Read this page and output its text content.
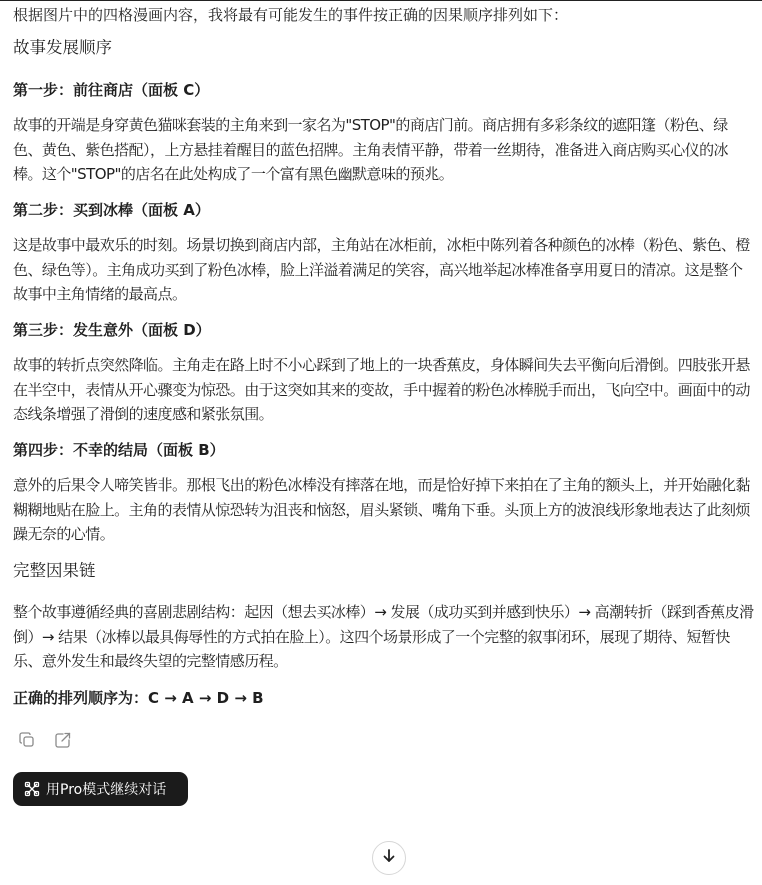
根据图片中的四格漫画内容，我将最有可能发生的事件按正确的因果顺序排列如下：
故事发展顺序
第一步：前往商店（面板 C）
故事的开端是身穿黄色猫咪套装的主角来到一家名为"STOP"的商店门前。商店拥有多彩条纹的遮阳篷（粉色、绿色、黄色、紫色搭配），上方悬挂着醒目的蓝色招牌。主角表情平静，带着一丝期待，准备进入商店购买心仪的冰棒。这个"STOP"的店名在此处构成了一个富有黑色幽默意味的预兆。
第二步：买到冰棒（面板 A）
这是故事中最欢乐的时刻。场景切换到商店内部，主角站在冰柜前，冰柜中陈列着各种颜色的冰棒（粉色、紫色、橙色、绿色等）。主角成功买到了粉色冰棒，脸上洋溢着满足的笑容，高兴地举起冰棒准备享用夏日的清凉。这是整个故事中主角情绪的最高点。
第三步：发生意外（面板 D）
故事的转折点突然降临。主角走在路上时不小心踩到了地上的一块香蕉皮，身体瞬间失去平衡向后滑倒。四肢张开悬在半空中，表情从开心骤变为惊恐。由于这突如其来的变故，手中握着的粉色冰棒脱手而出，飞向空中。画面中的动态线条增强了滑倒的速度感和紧张氛围。
第四步：不幸的结局（面板 B）
意外的后果令人啼笑皆非。那根飞出的粉色冰棒没有摔落在地，而是恰好掉下来拍在了主角的额头上，并开始融化黏糊糊地贴在脸上。主角的表情从惊恐转为沮丧和恼怒，眉头紧锁、嘴角下垂。头顶上方的波浪线形象地表达了此刻烦躁无奈的心情。
完整因果链
整个故事遵循经典的喜剧悲剧结构：起因（想去买冰棒）→ 发展（成功买到并感到快乐）→ 高潮转折（踩到香蕉皮滑倒）→ 结果（冰棒以最具侮辱性的方式拍在脸上）。这四个场景形成了一个完整的叙事闭环，展现了期待、短暂快乐、意外发生和最终失望的完整情感历程。
正确的排列顺序为：C → A → D → B
用Pro模式继续对话
